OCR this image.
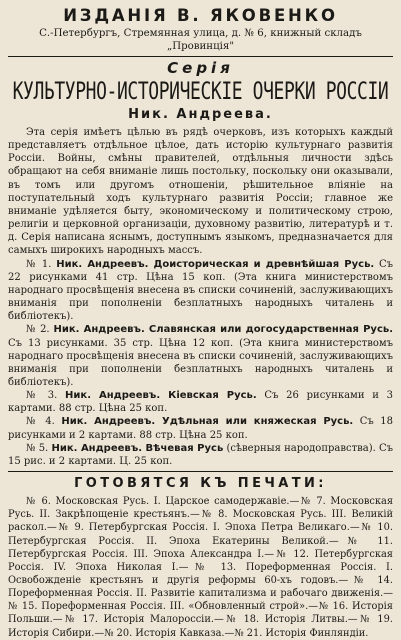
ИЗДАНІЯ В. ЯКОВЕНКО
С.-Петербургъ, Стремянная улица, д. № 6, книжный складъ „Провинція"
Серія
КУЛЬТУРНО-ИСТОРИЧЕСКІЕ ОЧЕРКИ РОССІИ
Ник. Андреева.
Эта серія имѣетъ цѣлью въ рядѣ очерковъ, изъ которыхъ каждый представляетъ отдѣльное цѣлое, дать исторію культурнаго развитія Россіи. Войны, смѣны правителей, отдѣльныя личности здѣсь обращают на себя вниманіе лишь постольку, поскольку они оказывали, въ томъ или другомъ отношеніи, рѣшительное вліяніе на поступательный ходъ культурнаго развитія Россіи; главное же вниманіе удѣляется быту, экономическому и политическому строю, религіи и церковной организаціи, духовному развитію, литературѣ и т. д. Серія написана яснымъ, доступнымъ языкомъ, предназначается для самыхъ широкихъ народныхъ массъ.

№ 1. Ник. Андреевъ. Доисторическая и древнѣйшая Русь. Съ 22 рисунками 41 стр. Цѣна 15 коп. (Эта книга министерствомъ народнаго просвѣщенія внесена въ списки сочиненій, заслуживающихъ вниманія при пополненіи безплатныхъ народныхъ читалень и библіотекъ).

№ 2. Ник. Андреевъ. Славянская или догосударственная Русь. Съ 13 рисунками. 35 стр. Цѣна 12 коп. (Эта книга министерствомъ народнаго просвѣщенія внесена въ списки сочиненій, заслуживающихъ вниманія при пополненіи безплатныхъ народныхъ читалень и библіотекъ).

№ 3. Ник. Андреевъ. Кіевская Русь. Съ 26 рисунками и 3 картами. 88 стр. Цѣна 25 коп.

№ 4. Ник. Андреевъ. Удѣльная или княжеская Русь. Съ 18 рисунками и 2 картами. 88 стр. Цѣна 25 коп.

№ 5. Ник. Андреевъ. Вѣчевая Русь (сѣверныя народоправства). Съ 15 рис. и 2 картами. Ц. 25 коп.

ГОТОВЯТСЯ КЪ ПЕЧАТИ:
№ 6. Московская Русь. I. Царское самодержавіе.—№ 7. Московская Русь. II. Закрѣпощеніе крестьянъ.—№ 8. Московская Русь. III. Великій раскол.—№ 9. Петербургская Россія. I. Эпоха Петра Великаго.—№ 10. Петербургская Россія. II. Эпоха Екатерины Великой.—№ 11. Петербургская Россія. III. Эпоха Александра I.—№ 12. Петербургская Россія. IV. Эпоха Николая I.—№ 13. Пореформенная Россія. I. Освобожденіе крестьянъ и другія реформы 60-хъ годовъ.—№ 14. Пореформенная Россія. II. Развитіе капитализма и рабочаго движенія.—№ 15. Пореформенная Россія. III. «Обновленный строй».—№ 16. Исторія Польши.—№ 17. Исторія Малороссіи.—№ 18. Исторія Литвы.—№ 19. Исторія Сибири.—№ 20. Исторія Кавказа.—№ 21. Исторія Финляндіи.
